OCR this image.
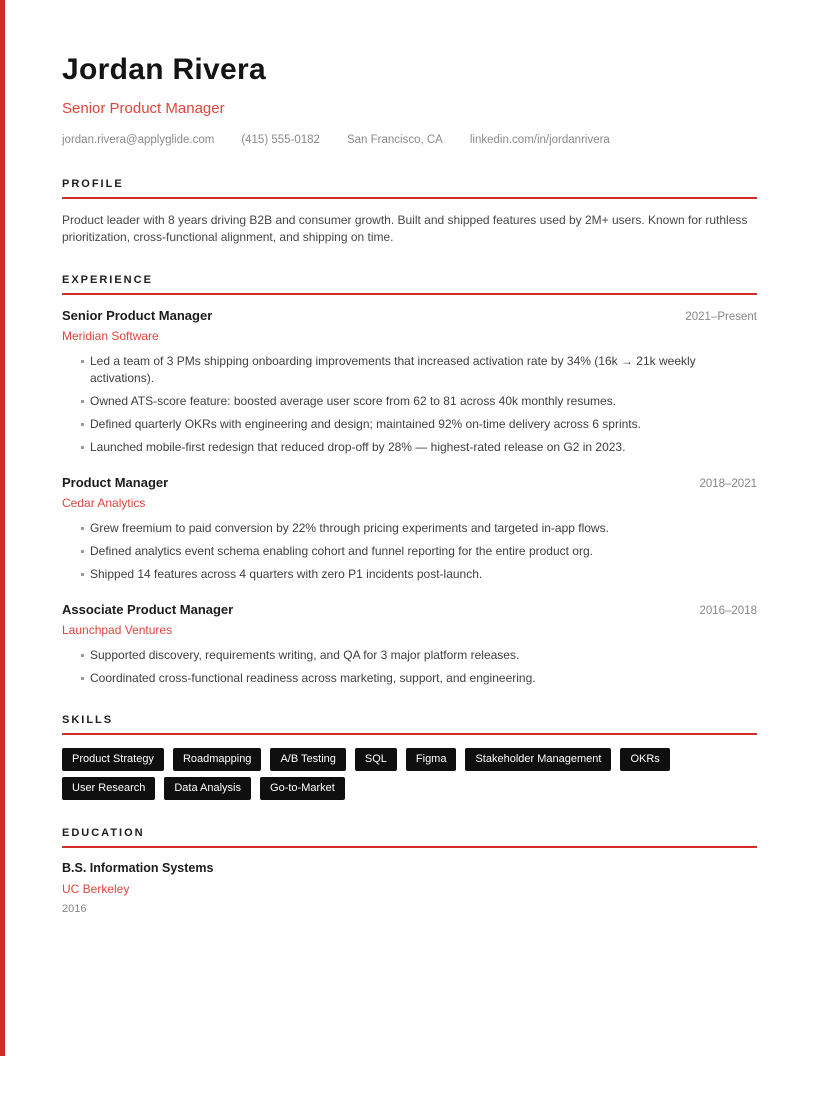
Jordan Rivera
Senior Product Manager
jordan.rivera@applyglide.com (415) 555-0182 San Francisco, CA linkedin.com/in/jordanrivera
PROFILE

Product leader with 8 years driving B2B and consumer growth. Built and shipped features used by 2M+ users. Known for ruthless prioritization, cross-functional alignment, and shipping on time.

EXPERIENCE
Senior Product Manager	2021–Present
Meridian Software
Led a team of 3 PMs shipping onboarding improvements that increased activation rate by 34% (16k → 21k weekly activations).
Owned ATS-score feature: boosted average user score from 62 to 81 across 40k monthly resumes.
Defined quarterly OKRs with engineering and design; maintained 92% on-time delivery across 6 sprints.
Launched mobile-first redesign that reduced drop-off by 28% — highest-rated release on G2 in 2023.
Product Manager	2018–2021
Cedar Analytics
Grew freemium to paid conversion by 22% through pricing experiments and targeted in-app flows.
Defined analytics event schema enabling cohort and funnel reporting for the entire product org.
Shipped 14 features across 4 quarters with zero P1 incidents post-launch.
Associate Product Manager	2016–2018
Launchpad Ventures
Supported discovery, requirements writing, and QA for 3 major platform releases.
Coordinated cross-functional readiness across marketing, support, and engineering.
SKILLS
Product Strategy	Roadmapping	A/B Testing	SQL	Figma	Stakeholder Management	OKRs
User Research	Data Analysis	Go-to-Market
EDUCATION
B.S. Information Systems
UC Berkeley
2016
